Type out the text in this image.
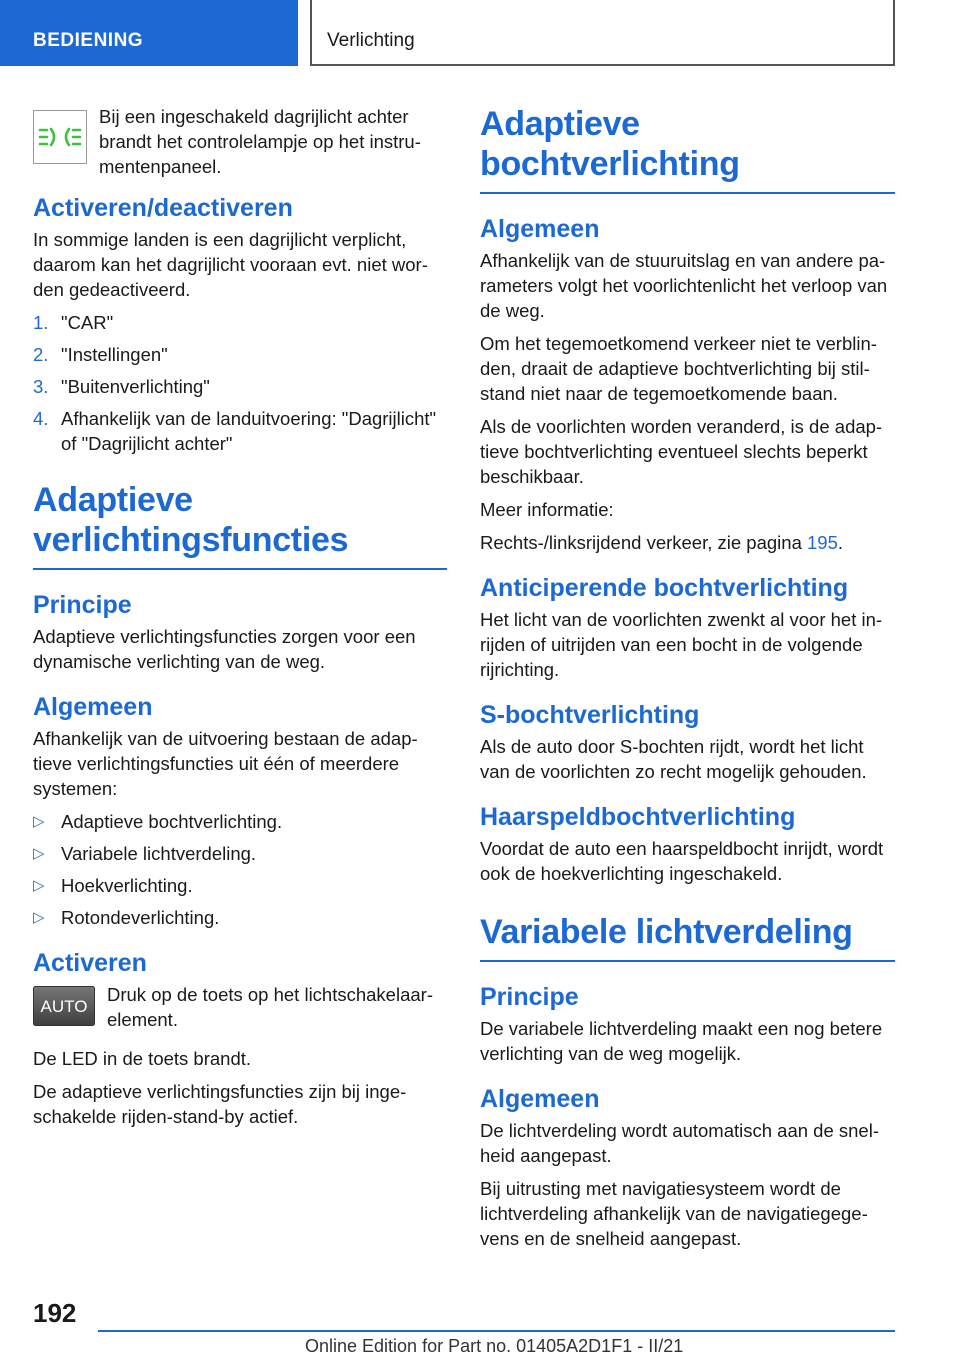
BEDIENING	Verlichting
Bij een ingeschakeld dagrijlicht achter brandt het controlelampje op het instru-mentenpaneel.
Activeren/deactiveren

In sommige landen is een dagrijlicht verplicht, daarom kan het dagrijlicht vooraan evt. niet wor-den gedeactiveerd.

1. "CAR"
2. "Instellingen"
3. "Buitenverlichting"
4. Afhankelijk van de landuitvoering: "Dagrijlicht" of "Dagrijlicht achter"
Adaptieve verlichtingsfuncties
Principe

Adaptieve verlichtingsfuncties zorgen voor een dynamische verlichting van de weg.

Algemeen

Afhankelijk van de uitvoering bestaan de adap-tieve verlichtingsfuncties uit één of meerdere systemen:

▷ Adaptieve bochtverlichting.
▷ Variabele lichtverdeling.
▷ Hoekverlichting.
▷ Rotondeverlichting.
Activeren
AUTO
Druk op de toets op het lichtschakelaar-element.

De LED in de toets brandt.

De adaptieve verlichtingsfuncties zijn bij inge-schakelde rijden-stand-by actief.

Adaptieve bochtverlichting
Algemeen

Afhankelijk van de stuuruitslag en van andere pa-rameters volgt het voorlichtenlicht het verloop van de weg.

Om het tegemoetkomend verkeer niet te verblin-den, draait de adaptieve bochtverlichting bij stil-stand niet naar de tegemoetkomende baan.

Als de voorlichten worden veranderd, is de adap-tieve bochtverlichting eventueel slechts beperkt beschikbaar.

Meer informatie:

Rechts-/linksrijdend verkeer, zie pagina 195.

Anticiperende bochtverlichting

Het licht van de voorlichten zwenkt al voor het in-rijden of uitrijden van een bocht in de volgende rijrichting.

S-bochtverlichting

Als de auto door S-bochten rijdt, wordt het licht van de voorlichten zo recht mogelijk gehouden.

Haarspeldbochtverlichting

Voordat de auto een haarspeldbocht inrijdt, wordt ook de hoekverlichting ingeschakeld.

Variabele lichtverdeling
Principe

De variabele lichtverdeling maakt een nog betere verlichting van de weg mogelijk.

Algemeen

De lichtverdeling wordt automatisch aan de snel-heid aangepast.

Bij uitrusting met navigatiesysteem wordt de lichtverdeling afhankelijk van de navigatiegege-vens en de snelheid aangepast.

192
Online Edition for Part no. 01405A2D1F1 - II/21
